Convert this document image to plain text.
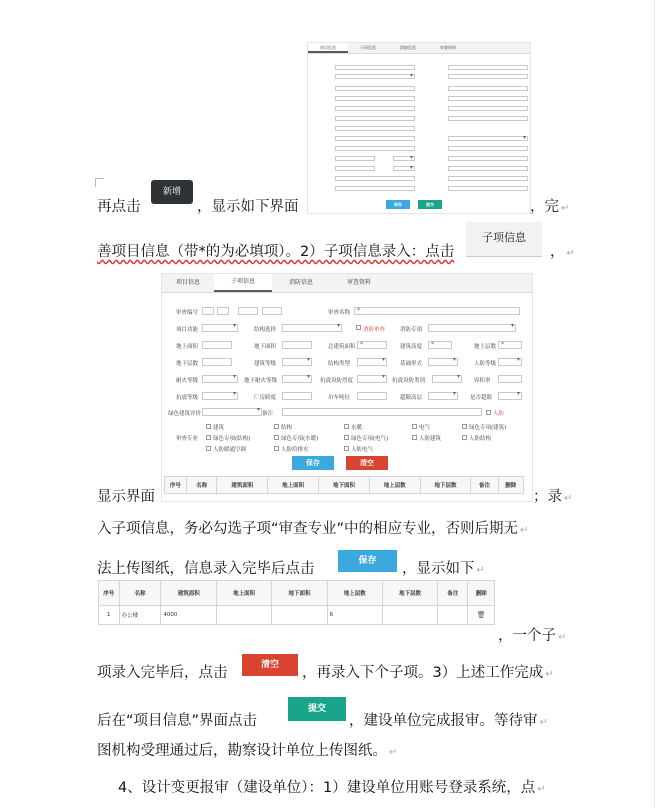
项目信息	子项信息	消防信息	审查资料
▾
▾
▾
▾
保存	提交
再点击
新增
，显示如下界面	，完 ↵
善项目信息（带*的为必填项）。2）子项信息录入：点击
子项信息
， ↵
项目信息	子项信息	消防信息	审查资料
审查编号	审查名称 *
项目功能 ▾	结构选择 ▾	消防审查	消防专项
▾
地上面积	地下面积	总建筑面积 *	建筑高度 *	地上层数 *
地下层数	建筑等级 ▾	结构类型 ▾	基础形式 ▾	人防等级
▾
耐火等级 ▾	地下耐火等级 ▾	抗震设防烈度 ▾	抗震设防类别 ▾	容积率
抗震等级 ▾	厂房跨度	吊车吨位	超限高层 ▾	是否超限
▾
绿色建筑评价 ▾	备注	人防
审查专业
建筑	结构	水暖	电气	绿色专项(建筑)
绿色专项(结构)	绿色专项(水暖)	绿色专项(电气)	人防建筑	人防结构
人防暖通空调	人防给排水	人防电气
保存	清空
序号	名称	建筑面积	地上面积	地下面积	地上层数	地下层数	备注	删除
显示界面	；录 ↵
入子项信息，务必勾选子项“审查专业”中的相应专业，否则后期无 ↵
法上传图纸，信息录入完毕后点击	保存	，显示如下 ↵
序号	名称	建筑面积	地上面积	地下面积	地上层数	地下层数	备注	删除
1	办公楼	4000			6			🗑
，一个子 ↵
项录入完毕后，点击	清空	，再录入下个子项。3）上述工作完成 ↵
后在“项目信息”界面点击
提交
，建设单位完成报审。等待审 ↵
图机构受理通过后，勘察设计单位上传图纸。 ↵
4、设计变更报审（建设单位）：1）建设单位用账号登录系统，点 ↵
